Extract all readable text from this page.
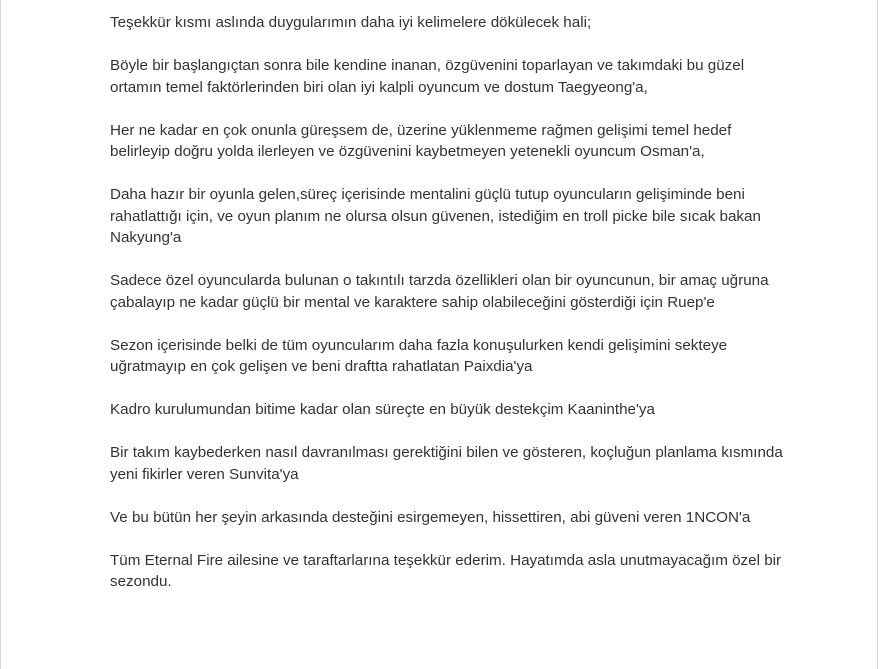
Teşekkür kısmı aslında duygularımın daha iyi kelimelere dökülecek hali;

Böyle bir başlangıçtan sonra bile kendine inanan, özgüvenini toparlayan ve takımdaki bu güzel ortamın temel faktörlerinden biri olan iyi kalpli oyuncum ve dostum Taegyeong'a,

Her ne kadar en çok onunla güreşsem de, üzerine yüklenmeme rağmen gelişimi temel hedef belirleyip doğru yolda ilerleyen ve özgüvenini kaybetmeyen yetenekli oyuncum Osman'a,

Daha hazır bir oyunla gelen,süreç içerisinde mentalini güçlü tutup oyuncuların gelişiminde beni rahatlattığı için, ve oyun planım ne olursa olsun güvenen, istediğim en troll picke bile sıcak bakan Nakyung'a

Sadece özel oyuncularda bulunan o takıntılı tarzda özellikleri olan bir oyuncunun, bir amaç uğruna çabalayıp ne kadar güçlü bir mental ve karaktere sahip olabileceğini gösterdiği için Ruep'e

Sezon içerisinde belki de tüm oyuncularım daha fazla konuşulurken kendi gelişimini sekteye uğratmayıp en çok gelişen ve beni draftta rahatlatan Paixdia'ya

Kadro kurulumundan bitime kadar olan süreçte en büyük destekçim Kaaninthe'ya

Bir takım kaybederken nasıl davranılması gerektiğini bilen ve gösteren, koçluğun planlama kısmında yeni fikirler veren Sunvita'ya

Ve bu bütün her şeyin arkasında desteğini esirgemeyen, hissettiren, abi güveni veren 1NCON'a

Tüm Eternal Fire ailesine ve taraftarlarına teşekkür ederim. Hayatımda asla unutmayacağım özel bir sezondu.
